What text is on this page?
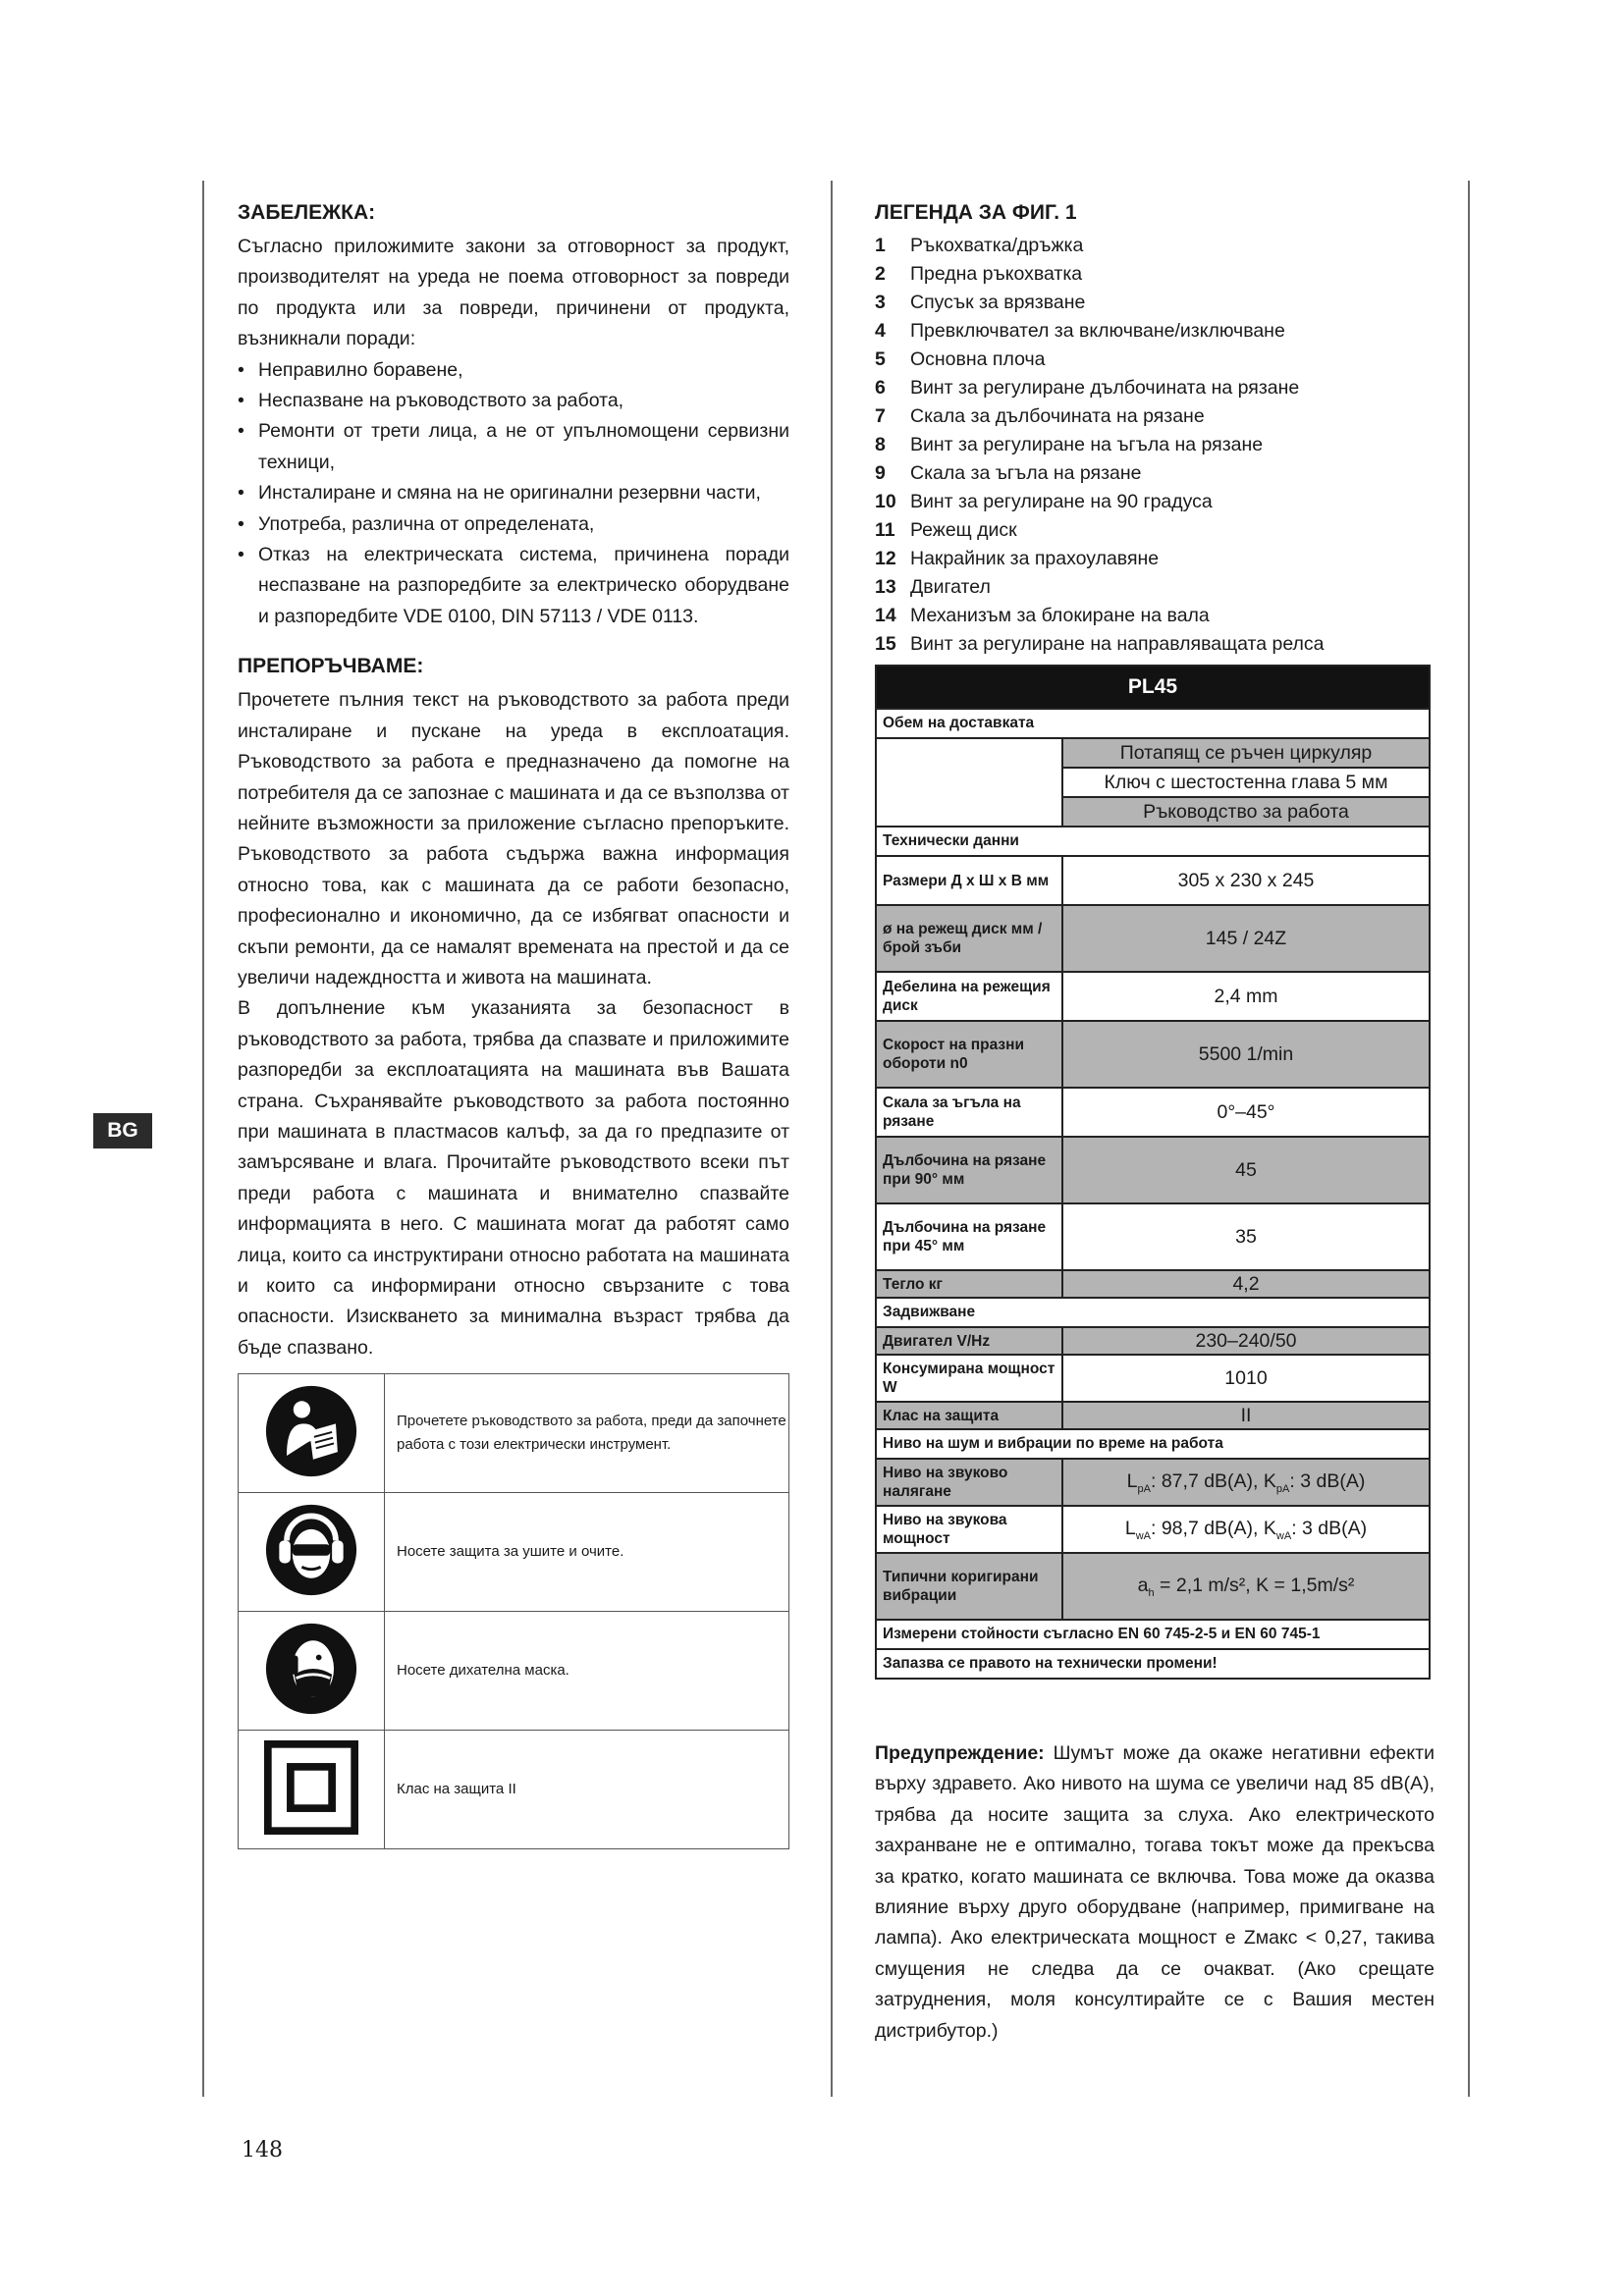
BG
ЗАБЕЛЕЖКА:

Съгласно приложимите закони за отговорност за продукт, производителят на уреда не поема отговорност за повреди по продукта или за повреди, причинени от продукта, възникнали поради:

• Неправилно боравене,
• Неспазване на ръководството за работа,
• Ремонти от трети лица, а не от упълномощени сервизни техници,
• Инсталиране и смяна на не оригинални резервни части,
• Употреба, различна от определената,
• Отказ на електрическата система, причинена поради неспазване на разпоредбите за електрическо оборудване и разпоредбите VDE 0100, DIN 57113 / VDE 0113.
ПРЕПОРЪЧВАМЕ:

Прочетете пълния текст на ръководството за работа преди инсталиране и пускане на уреда в експлоатация. Ръководството за работа е предназначено да помогне на потребителя да се запознае с машината и да се възползва от нейните възможности за приложение съгласно препоръките. Ръководството за работа съдържа важна информация относно това, как с машината да се работи безопасно, професионално и икономично, да се избягват опасности и скъпи ремонти, да се намалят времената на престой и да се увеличи надеждността и живота на машината.

В допълнение към указанията за безопасност в ръководството за работа, трябва да спазвате и приложимите разпоредби за експлоатацията на машината във Вашата страна. Съхранявайте ръководството за работа постоянно при машината в пластмасов калъф, за да го предпазите от замърсяване и влага. Прочитайте ръководството всеки път преди работа с машината и внимателно спазвайте информацията в него. С машината могат да работят само лица, които са инструктирани относно работата на машината и които са информирани относно свързаните с това опасности. Изискването за минимална възраст трябва да бъде спазвано.

	Прочетете ръководството за работа, преди да започнете работа с този електрически инструмент.
	Носете защита за ушите и очите.
	Носете дихателна маска.
	Клас на защита II
ЛЕГЕНДА ЗА ФИГ. 1
1	Ръкохватка/дръжка
2	Предна ръкохватка
3	Спусък за врязване
4	Превключвател за включване/изключване
5	Основна плоча
6	Винт за регулиране дълбочината на рязане
7	Скала за дълбочината на рязане
8	Винт за регулиране на ъгъла на рязане
9	Скала за ъгъла на рязане
10 Винт за регулиране на 90 градуса
11 Режещ диск
12 Накрайник за прахоулавяне
13 Двигател
14 Механизъм за блокиране на вала
15 Винт за регулиране на направляващата релса
PL45	
Обем на доставката	
	Потапящ се ръчен циркуляр
	Ключ с шестостенна глава 5 мм
	Ръководство за работа
Технически данни	
Размери Д х Ш х В мм	305 x 230 x 245
ø на режещ диск мм / брой зъби	145 / 24Z
Дебелина на режещия диск	2,4 mm
Скорост на празни обороти n0	5500 1/min
Скала за ъгъла на рязане	0°–45°
Дълбочина на рязане при 90° мм	45
Дълбочина на рязане при 45° мм	35
Тегло кг	4,2
Задвижване	
Двигател V/Hz	230–240/50
Консумирана мощност W	1010
Клас на защита	II
Ниво на шум и вибрации по време на работа	
Ниво на звуково налягане	$L_{pA}$: 87,7 dB(A), $K_{pA}$: 3 dB(A)
Ниво на звукова мощност	$L_{wA}$: 98,7 dB(A), $K_{wA}$: 3 dB(A)
Типични коригирани вибрации	$a_h = 2,1$ m/s², K = 1,5m/s²
Измерени стойности съгласно EN 60 745-2-5 и EN 60 745-1	
Запазва се правото на технически промени!	

Предупреждение: Шумът може да окаже негативни ефекти върху здравето. Ако нивото на шума се увеличи над 85 dB(A), трябва да носите защита за слуха. Ако електрическото захранване не е оптимално, тогава токът може да прекъсва за кратко, когато машината се включва. Това може да оказва влияние върху друго оборудване (например, примигване на лампа). Ако електрическата мощност е Zмакс < 0,27, такива смущения не следва да се очакват. (Ако срещате затруднения, моля консултирайте се с Вашия местен дистрибутор.)

148
